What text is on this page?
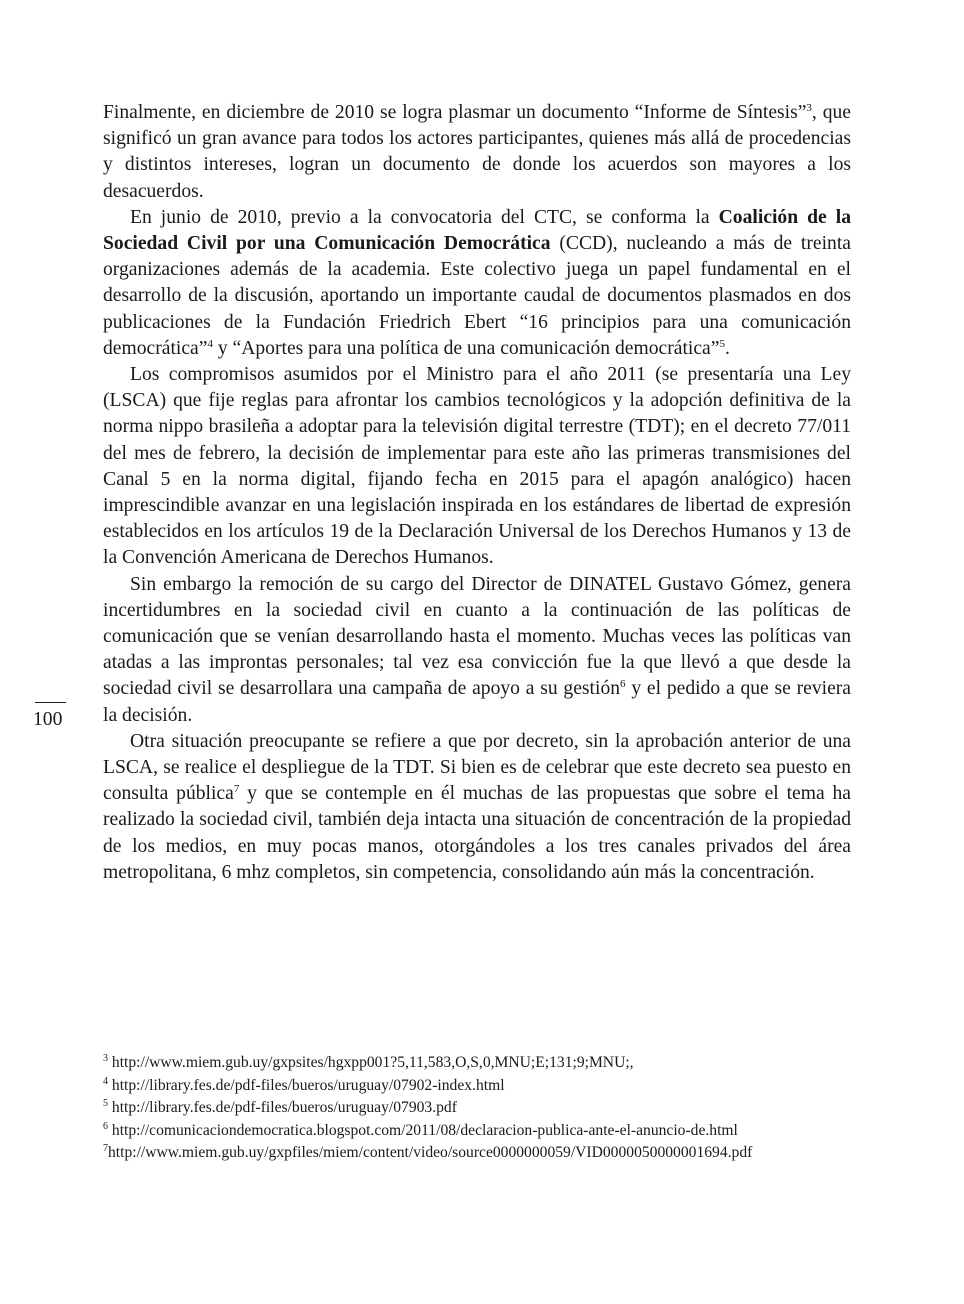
Finalmente, en diciembre de 2010 se logra plasmar un documento “Informe de Síntesis”$^3$, que significó un gran avance para todos los actores participantes, quienes más allá de procedencias y distintos intereses, logran un documento de donde los acuerdos son mayores a los desacuerdos.

En junio de 2010, previo a la convocatoria del CTC, se conforma la Coalición de la Sociedad Civil por una Comunicación Democrática (CCD), nucleando a más de treinta organizaciones además de la academia. Este colectivo juega un papel fundamental en el desarrollo de la discusión, aportando un importante caudal de documentos plasmados en dos publicaciones de la Fundación Friedrich Ebert “16 principios para una comunicación democrática”$^4$ y “Aportes para una política de una comunicación democrática”$^5$.

Los compromisos asumidos por el Ministro para el año 2011 (se presentaría una Ley (LSCA) que fije reglas para afrontar los cambios tecnológicos y la adopción definitiva de la norma nippo brasileña a adoptar para la televisión digital terrestre (TDT); en el decreto 77/011 del mes de febrero, la decisión de implementar para este año las primeras transmisiones del Canal 5 en la norma digital, fijando fecha en 2015 para el apagón analógico) hacen imprescindible avanzar en una legislación inspirada en los estándares de libertad de expresión establecidos en los artículos 19 de la Declaración Universal de los Derechos Humanos y 13 de la Convención Americana de Derechos Humanos.

Sin embargo la remoción de su cargo del Director de DINATEL Gustavo Gómez, genera incertidumbres en la sociedad civil en cuanto a la continuación de las políticas de comunicación que se venían desarrollando hasta el momento. Muchas veces las políticas van atadas a las improntas personales; tal vez esa convicción fue la que llevó a que desde la sociedad civil se desarrollara una campaña de apoyo a su gestión$^6$ y el pedido a que se reviera la decisión.

Otra situación preocupante se refiere a que por decreto, sin la aprobación anterior de una LSCA, se realice el despliegue de la TDT. Si bien es de celebrar que este decreto sea puesto en consulta pública$^7$ y que se contemple en él muchas de las propuestas que sobre el tema ha realizado la sociedad civil, también deja intacta una situación de concentración de la propiedad de los medios, en muy pocas manos, otorgándoles a los tres canales privados del área metropolitana, 6 mhz completos, sin competencia, consolidando aún más la concentración.

100
$^3$ http://www.miem.gub.uy/gxpsites/hgxpp001?5,11,583,O,S,0,MNU;E;131;9;MNU;,
$^4$ http://library.fes.de/pdf-files/bueros/uruguay/07902-index.html
$^5$ http://library.fes.de/pdf-files/bueros/uruguay/07903.pdf
$^6$ http://comunicaciondemocratica.blogspot.com/2011/08/declaracion-publica-ante-el-anuncio-de.html
$^7$http://www.miem.gub.uy/gxpfiles/miem/content/video/source0000000059/VID0000050000001694.pdf
